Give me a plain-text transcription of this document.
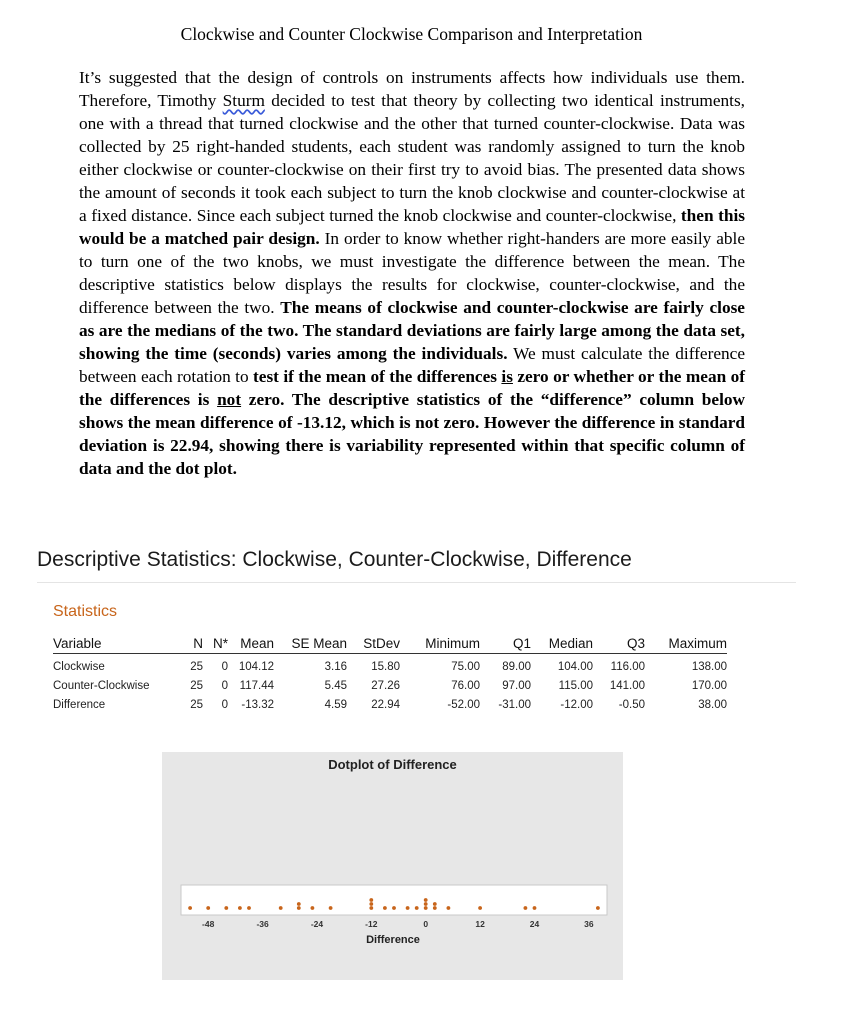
Clockwise and Counter Clockwise Comparison and Interpretation

It’s suggested that the design of controls on instruments affects how individuals use them. Therefore, Timothy Sturm decided to test that theory by collecting two identical instruments, one with a thread that turned clockwise and the other that turned counter-clockwise. Data was collected by 25 right-handed students, each student was randomly assigned to turn the knob either clockwise or counter-clockwise on their first try to avoid bias. The presented data shows the amount of seconds it took each subject to turn the knob clockwise and counter-clockwise at a fixed distance. Since each subject turned the knob clockwise and counter-clockwise, then this would be a matched pair design. In order to know whether right-handers are more easily able to turn one of the two knobs, we must investigate the difference between the mean. The descriptive statistics below displays the results for clockwise, counter-clockwise, and the difference between the two. The means of clockwise and counter-clockwise are fairly close as are the medians of the two. The standard deviations are fairly large among the data set, showing the time (seconds) varies among the individuals. We must calculate the difference between each rotation to test if the mean of the differences is zero or whether or the mean of the differences is not zero. The descriptive statistics of the “difference” column below shows the mean difference of -13.12, which is not zero. However the difference in standard deviation is 22.94, showing there is variability represented within that specific column of data and the dot plot.

Descriptive Statistics: Clockwise, Counter-Clockwise, Difference
Statistics
Variable	N	N*	Mean	SE Mean	StDev	Minimum	Q1	Median	Q3	Maximum
Clockwise	25	0	104.12	3.16	15.80	75.00	89.00	104.00	116.00	138.00
Counter-Clockwise	25	0	117.44	5.45	27.26	76.00	97.00	115.00	141.00	170.00
Difference	25	0	-13.32	4.59	22.94	-52.00	-31.00	-12.00	-0.50	38.00
Dotplot of Difference
-48	-36	-24	-12	0	12	24	36
Difference
